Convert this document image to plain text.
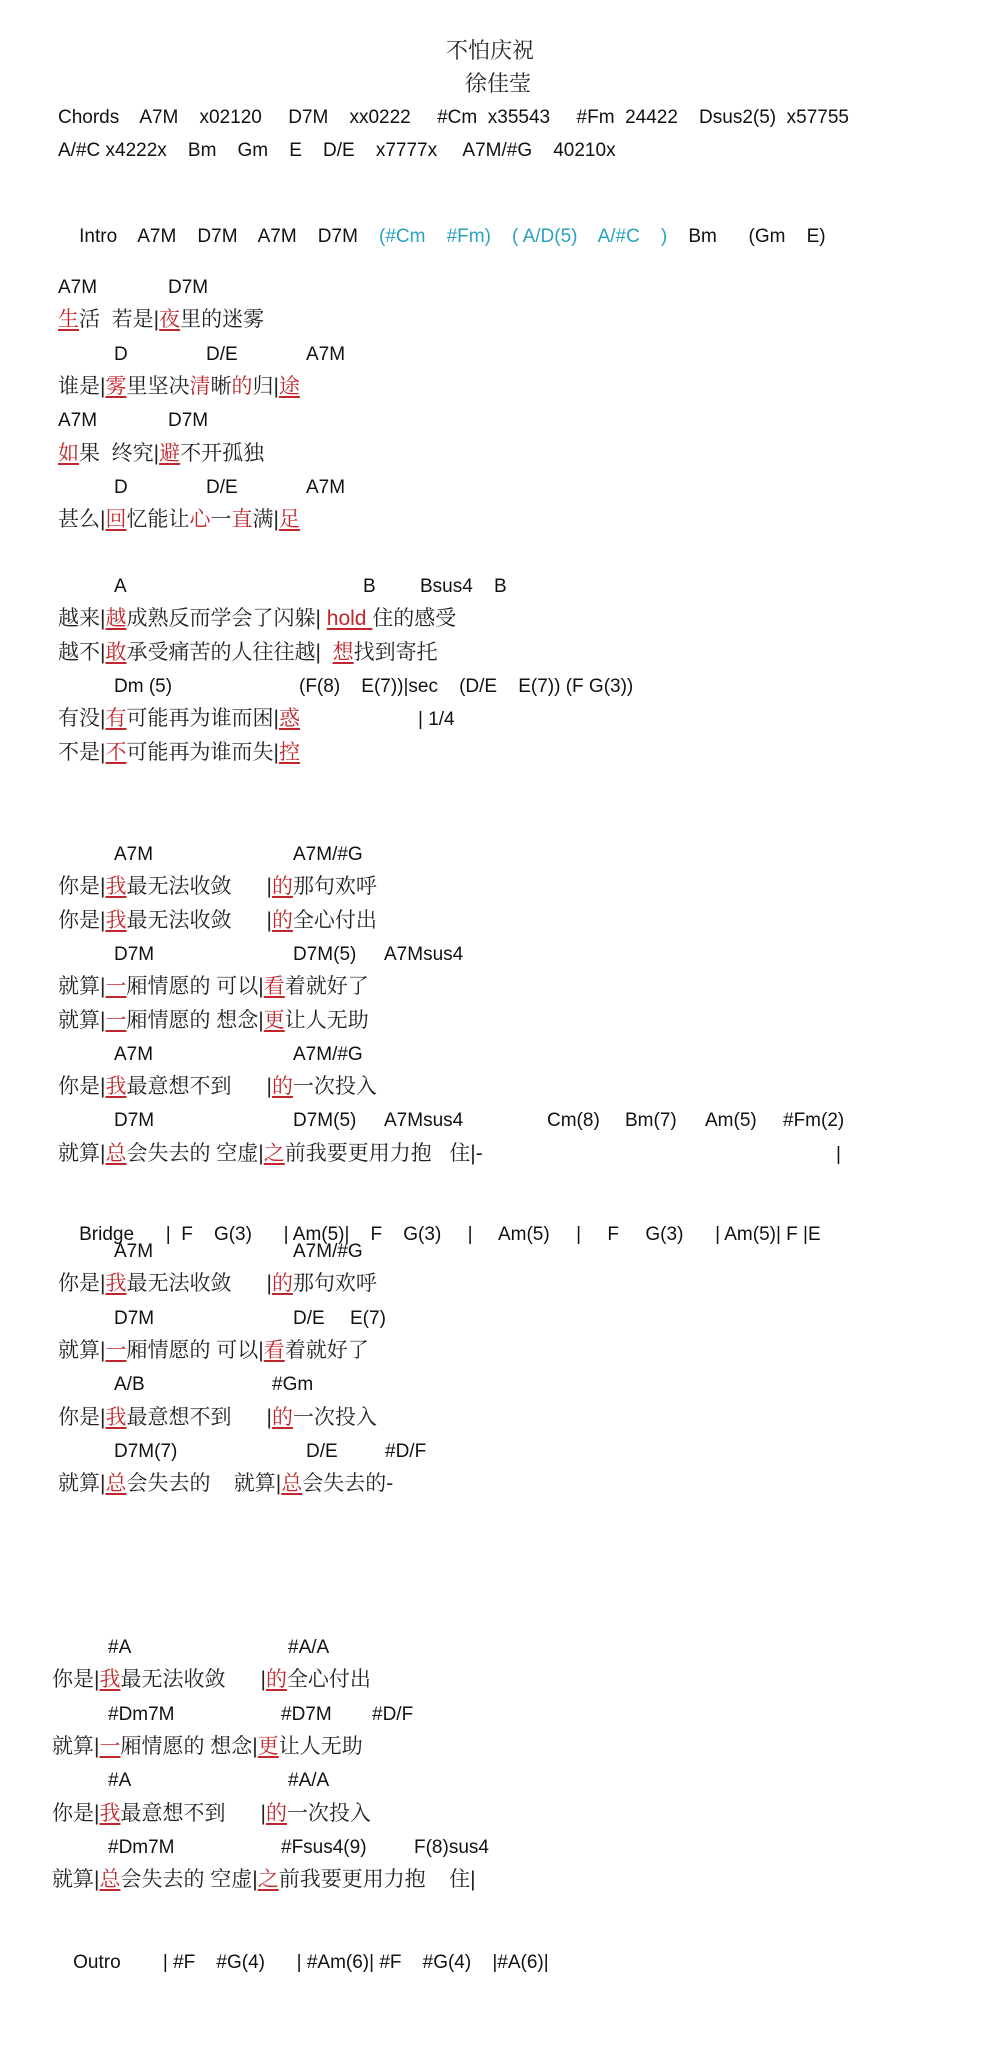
不怕庆祝
徐佳莹
Chords    A7M    x02120     D7M    xx0222     #Cm  x35543     #Fm  24422    Dsus2(5)  x57755
A/#C x4222x    Bm    Gm    E    D/E    x7777x     A7M/#G    40210x

Intro A7M    D7M    A7M    D7M (#Cm    #Fm) ( A/D(5)    A/#C    ) Bm      (Gm    E)

Bridge |  F    G(3)      | Am(5)|    F    G(3)     |     Am(5)     |     F     G(3)      | Am(5)| F |E

Outro | #F    #G(4)      | #Am(6)| #F    #G(4)    |#A(6)|

A7M	D7M
生活  若是|夜里的迷雾
D	D/E	A7M
谁是|雾里坚决清晰的归|途
A7M	D7M
如果  终究|避不开孤独
D	D/E	A7M
甚么|回忆能让心一直满|足
A	B Bsus4 B
越来|越成熟反而学会了闪躲| hold 住的感受
越不|敢承受痛苦的人往往越|  想找到寄托
Dm (5)	(F(8)    E(7))|sec    (D/E    E(7)) (F G(3))
有没|有可能再为谁而困|惑	| 1/4
不是|不可能再为谁而失|控
A7M	A7M/#G
你是|我最无法收敛      |的那句欢呼
你是|我最无法收敛      |的全心付出
D7M	D7M(5) A7Msus4
就算|一厢情愿的 可以|看着就好了
就算|一厢情愿的 想念|更让人无助
A7M	A7M/#G
你是|我最意想不到      |的一次投入
D7M	D7M(5) A7Msus4	Cm(8) Bm(7) Am(5) #Fm(2)
就算|总会失去的 空虚|之前我要更用力抱   住|-	|
A7M	A7M/#G
你是|我最无法收敛      |的那句欢呼
D7M	D/E E(7)
就算|一厢情愿的 可以|看着就好了
A/B	#Gm
你是|我最意想不到      |的一次投入
D7M(7)	D/E #D/F
就算|总会失去的    就算|总会失去的-
#A	#A/A
你是|我最无法收敛      |的全心付出
#Dm7M	#D7M #D/F
就算|一厢情愿的 想念|更让人无助
#A	#A/A
你是|我最意想不到      |的一次投入
#Dm7M	#Fsus4(9) F(8)sus4
就算|总会失去的 空虚|之前我要更用力抱    住|
